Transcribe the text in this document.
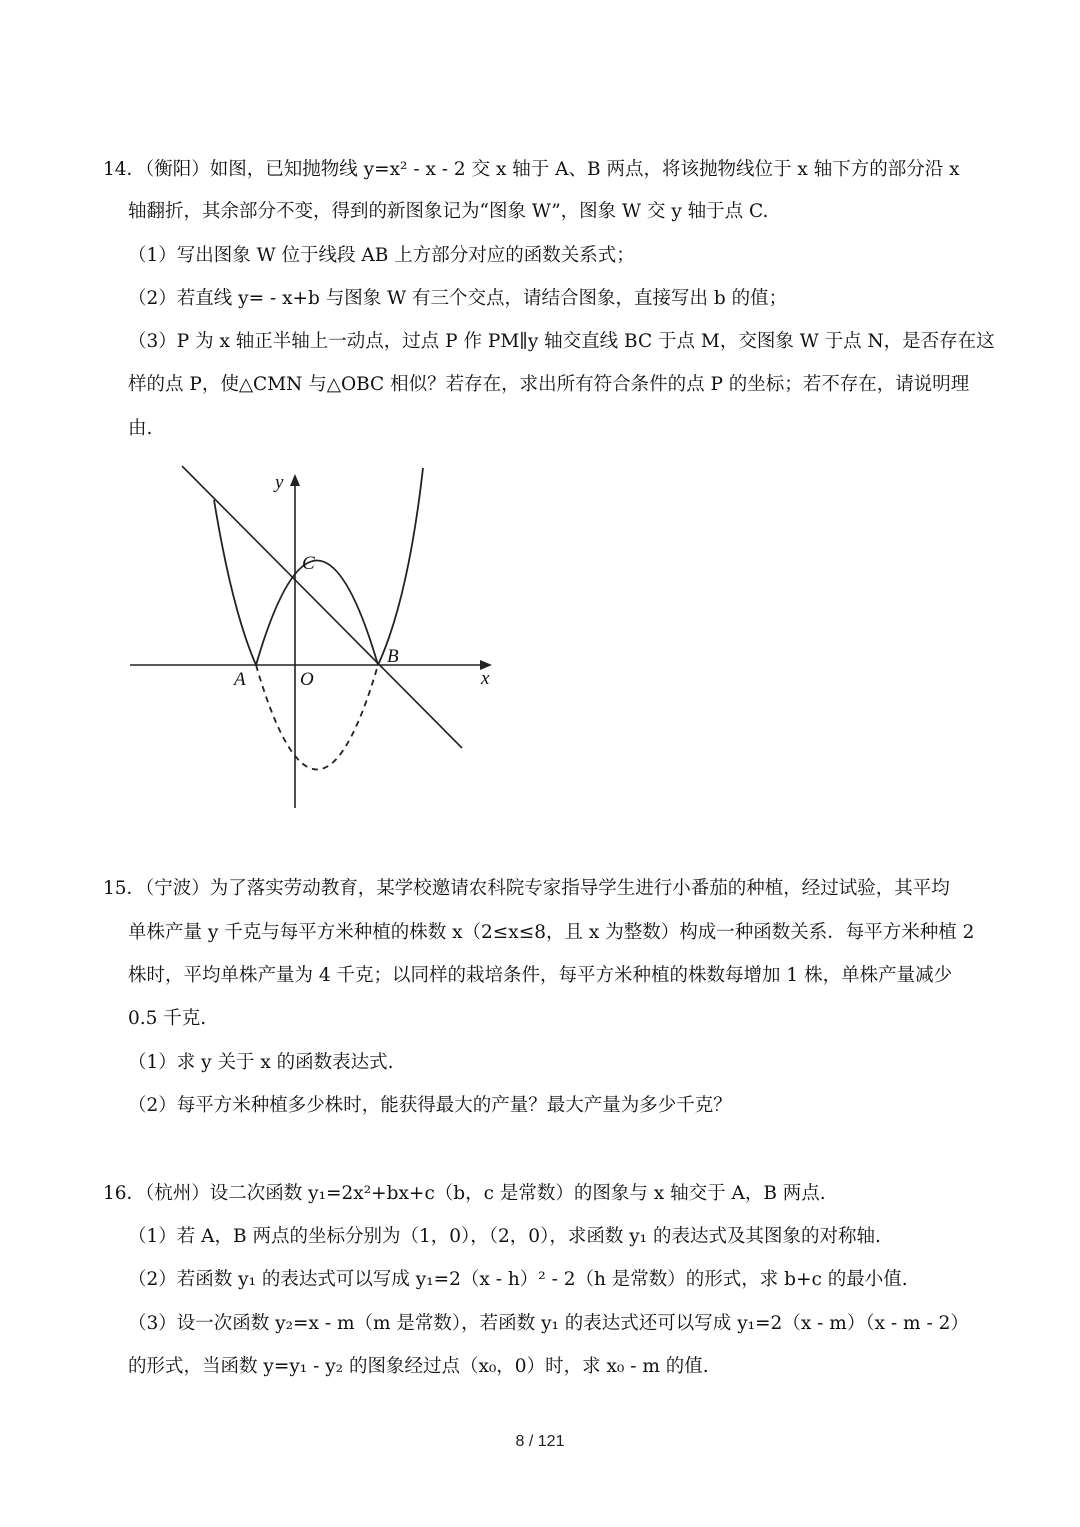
14．（衡阳）如图，已知抛物线 y=x² - x - 2 交 x 轴于 A、B 两点，将该抛物线位于 x 轴下方的部分沿 x

轴翻折，其余部分不变，得到的新图象记为“图象 W”，图象 W 交 y 轴于点 C.

（1）写出图象 W 位于线段 AB 上方部分对应的函数关系式；

（2）若直线 y= - x+b 与图象 W 有三个交点，请结合图象，直接写出 b 的值；

（3）P 为 x 轴正半轴上一动点，过点 P 作 PM∥y 轴交直线 BC 于点 M，交图象 W 于点 N，是否存在这

样的点 P，使△CMN 与△OBC 相似？若存在，求出所有符合条件的点 P 的坐标；若不存在，请说明理

由.

y
x
C
B
A	O

15．（宁波）为了落实劳动教育，某学校邀请农科院专家指导学生进行小番茄的种植，经过试验，其平均

单株产量 y 千克与每平方米种植的株数 x（2≤x≤8，且 x 为整数）构成一种函数关系．每平方米种植 2

株时，平均单株产量为 4 千克；以同样的栽培条件，每平方米种植的株数每增加 1 株，单株产量减少

0.5 千克.

（1）求 y 关于 x 的函数表达式.

（2）每平方米种植多少株时，能获得最大的产量？最大产量为多少千克？

16．（杭州）设二次函数 y₁=2x²+bx+c（b，c 是常数）的图象与 x 轴交于 A，B 两点.

（1）若 A，B 两点的坐标分别为（1，0），（2，0），求函数 y₁ 的表达式及其图象的对称轴.

（2）若函数 y₁ 的表达式可以写成 y₁=2（x - h）² - 2（h 是常数）的形式，求 b+c 的最小值.

（3）设一次函数 y₂=x - m（m 是常数），若函数 y₁ 的表达式还可以写成 y₁=2（x - m）（x - m - 2）

的形式，当函数 y=y₁ - y₂ 的图象经过点（x₀，0）时，求 x₀ - m 的值.

8 / 121
